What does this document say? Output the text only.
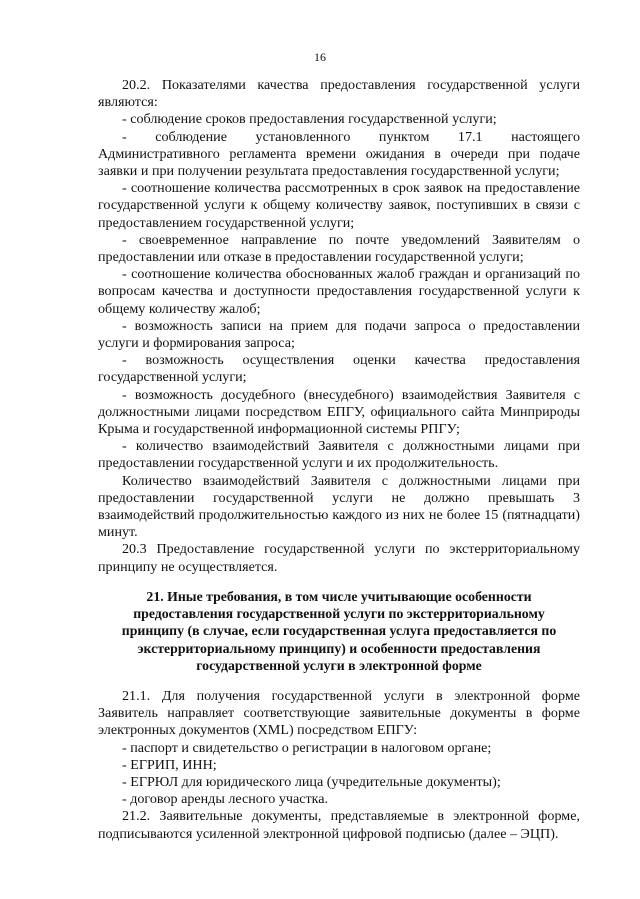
16

20.2. Показателями качества предоставления государственной услуги являются:

- соблюдение сроков предоставления государственной услуги;

- соблюдение установленного пунктом 17.1 настоящего Административного регламента времени ожидания в очереди при подаче заявки и при получении результата предоставления государственной услуги;

- соотношение количества рассмотренных в срок заявок на предоставление государственной услуги к общему количеству заявок, поступивших в связи с предоставлением государственной услуги;

- своевременное направление по почте уведомлений Заявителям о предоставлении или отказе в предоставлении государственной услуги;

- соотношение количества обоснованных жалоб граждан и организаций по вопросам качества и доступности предоставления государственной услуги к общему количеству жалоб;

- возможность записи на прием для подачи запроса о предоставлении услуги и формирования запроса;

- возможность осуществления оценки качества предоставления государственной услуги;

- возможность досудебного (внесудебного) взаимодействия Заявителя с должностными лицами посредством ЕПГУ, официального сайта Минприроды Крыма и государственной информационной системы РПГУ;

- количество взаимодействий Заявителя с должностными лицами при предоставлении государственной услуги и их продолжительность.

Количество взаимодействий Заявителя с должностными лицами при предоставлении государственной услуги не должно превышать 3 взаимодействий продолжительностью каждого из них не более 15 (пятнадцати) минут.

20.3 Предоставление государственной услуги по экстерриториальному принципу не осуществляется.

21. Иные требования, в том числе учитывающие особенности предоставления государственной услуги по экстерриториальному принципу (в случае, если государственная услуга предоставляется по экстерриториальному принципу) и особенности предоставления государственной услуги в электронной форме

21.1. Для получения государственной услуги в электронной форме Заявитель направляет соответствующие заявительные документы в форме электронных документов (XML) посредством ЕПГУ:

- паспорт и свидетельство о регистрации в налоговом органе;

- ЕГРИП, ИНН;

- ЕГРЮЛ для юридического лица (учредительные документы);

- договор аренды лесного участка.

21.2. Заявительные документы, представляемые в электронной форме, подписываются усиленной электронной цифровой подписью (далее – ЭЦП).
